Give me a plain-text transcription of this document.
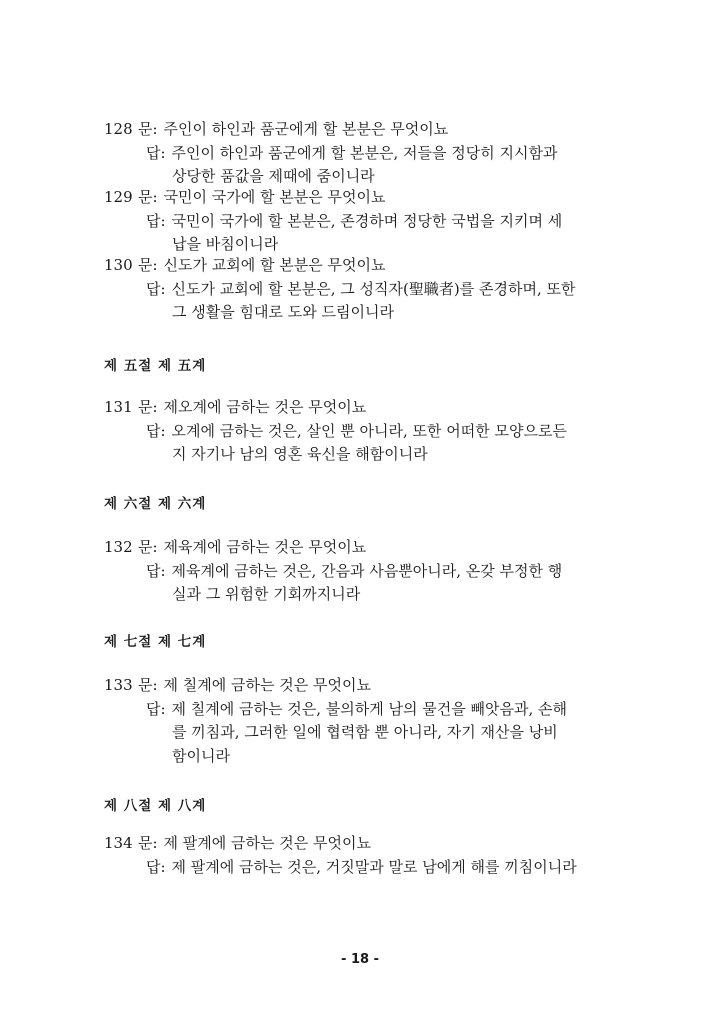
128 문: 주인이 하인과 품군에게 할 본분은 무엇이뇨
답: 주인이 하인과 품군에게 할 본분은, 저들을 정당히 지시함과
상당한 품값을 제때에 줌이니라
129 문: 국민이 국가에 할 본분은 무엇이뇨
답: 국민이 국가에 할 본분은, 존경하며 정당한 국법을 지키며 세
납을 바침이니라
130 문: 신도가 교회에 할 본분은 무엇이뇨
답: 신도가 교회에 할 본분은, 그 성직자(聖職者)를 존경하며, 또한
그 생활을 힘대로 도와 드림이니라
제 五절 제 五계
131 문: 제오계에 금하는 것은 무엇이뇨
답: 오계에 금하는 것은, 살인 뿐 아니라, 또한 어떠한 모양으로든
지 자기나 남의 영혼 육신을 해함이니라
제 六절 제 六계
132 문: 제육계에 금하는 것은 무엇이뇨
답: 제육계에 금하는 것은, 간음과 사음뿐아니라, 온갖 부정한 행
실과 그 위험한 기회까지니라
제 七절 제 七계
133 문: 제 칠계에 금하는 것은 무엇이뇨
답: 제 칠계에 금하는 것은, 불의하게 남의 물건을 빼앗음과, 손해
를 끼침과, 그러한 일에 협력함 뿐 아니라, 자기 재산을 낭비
함이니라
제 八절 제 八계
134 문: 제 팔계에 금하는 것은 무엇이뇨
답: 제 팔계에 금하는 것은, 거짓말과 말로 남에게 해를 끼침이니라
- 18 -
